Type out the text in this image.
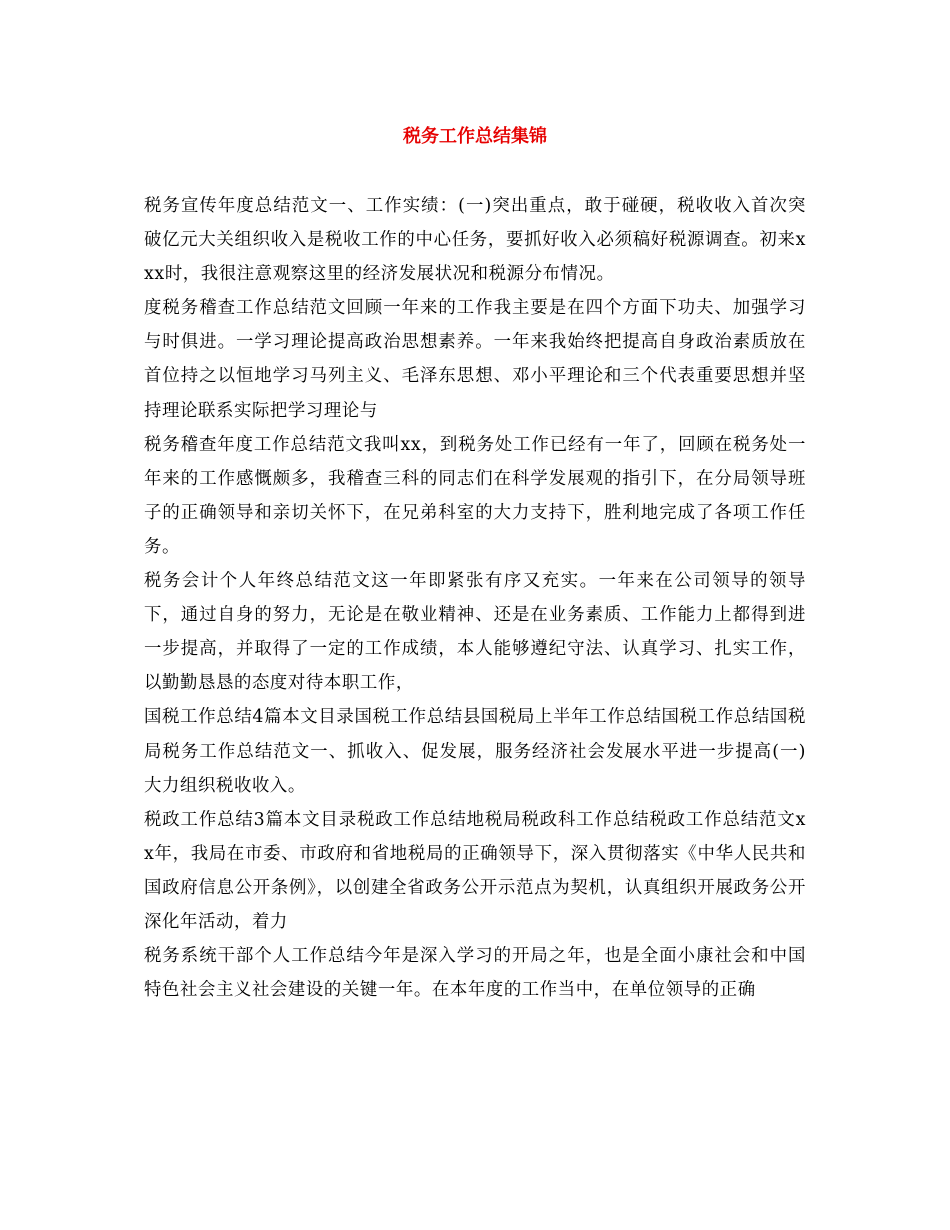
税务工作总结集锦

税务宣传年度总结范文一、工作实绩：(一)突出重点，敢于碰硬，税收收入首次突破亿元大关组织收入是税收工作的中心任务，要抓好收入必须稿好税源调查。初来xxx时，我很注意观察这里的经济发展状况和税源分布情况。

度税务稽查工作总结范文回顾一年来的工作我主要是在四个方面下功夫、加强学习与时俱进。一学习理论提高政治思想素养。一年来我始终把提高自身政治素质放在首位持之以恒地学习马列主义、毛泽东思想、邓小平理论和三个代表重要思想并坚持理论联系实际把学习理论与

税务稽查年度工作总结范文我叫xx，到税务处工作已经有一年了，回顾在税务处一年来的工作感慨颇多，我稽查三科的同志们在科学发展观的指引下，在分局领导班子的正确领导和亲切关怀下，在兄弟科室的大力支持下，胜利地完成了各项工作任务。

税务会计个人年终总结范文这一年即紧张有序又充实。一年来在公司领导的领导下，通过自身的努力，无论是在敬业精神、还是在业务素质、工作能力上都得到进一步提高，并取得了一定的工作成绩，本人能够遵纪守法、认真学习、扎实工作，以勤勤恳恳的态度对待本职工作，

国税工作总结4篇本文目录国税工作总结县国税局上半年工作总结国税工作总结国税局税务工作总结范文一、抓收入、促发展，服务经济社会发展水平进一步提高(一)大力组织税收收入。

税政工作总结3篇本文目录税政工作总结地税局税政科工作总结税政工作总结范文xx年，我局在市委、市政府和省地税局的正确领导下，深入贯彻落实《中华人民共和国政府信息公开条例》，以创建全省政务公开示范点为契机，认真组织开展政务公开深化年活动，着力

税务系统干部个人工作总结今年是深入学习的开局之年，也是全面小康社会和中国特色社会主义社会建设的关键一年。在本年度的工作当中，在单位领导的正确
